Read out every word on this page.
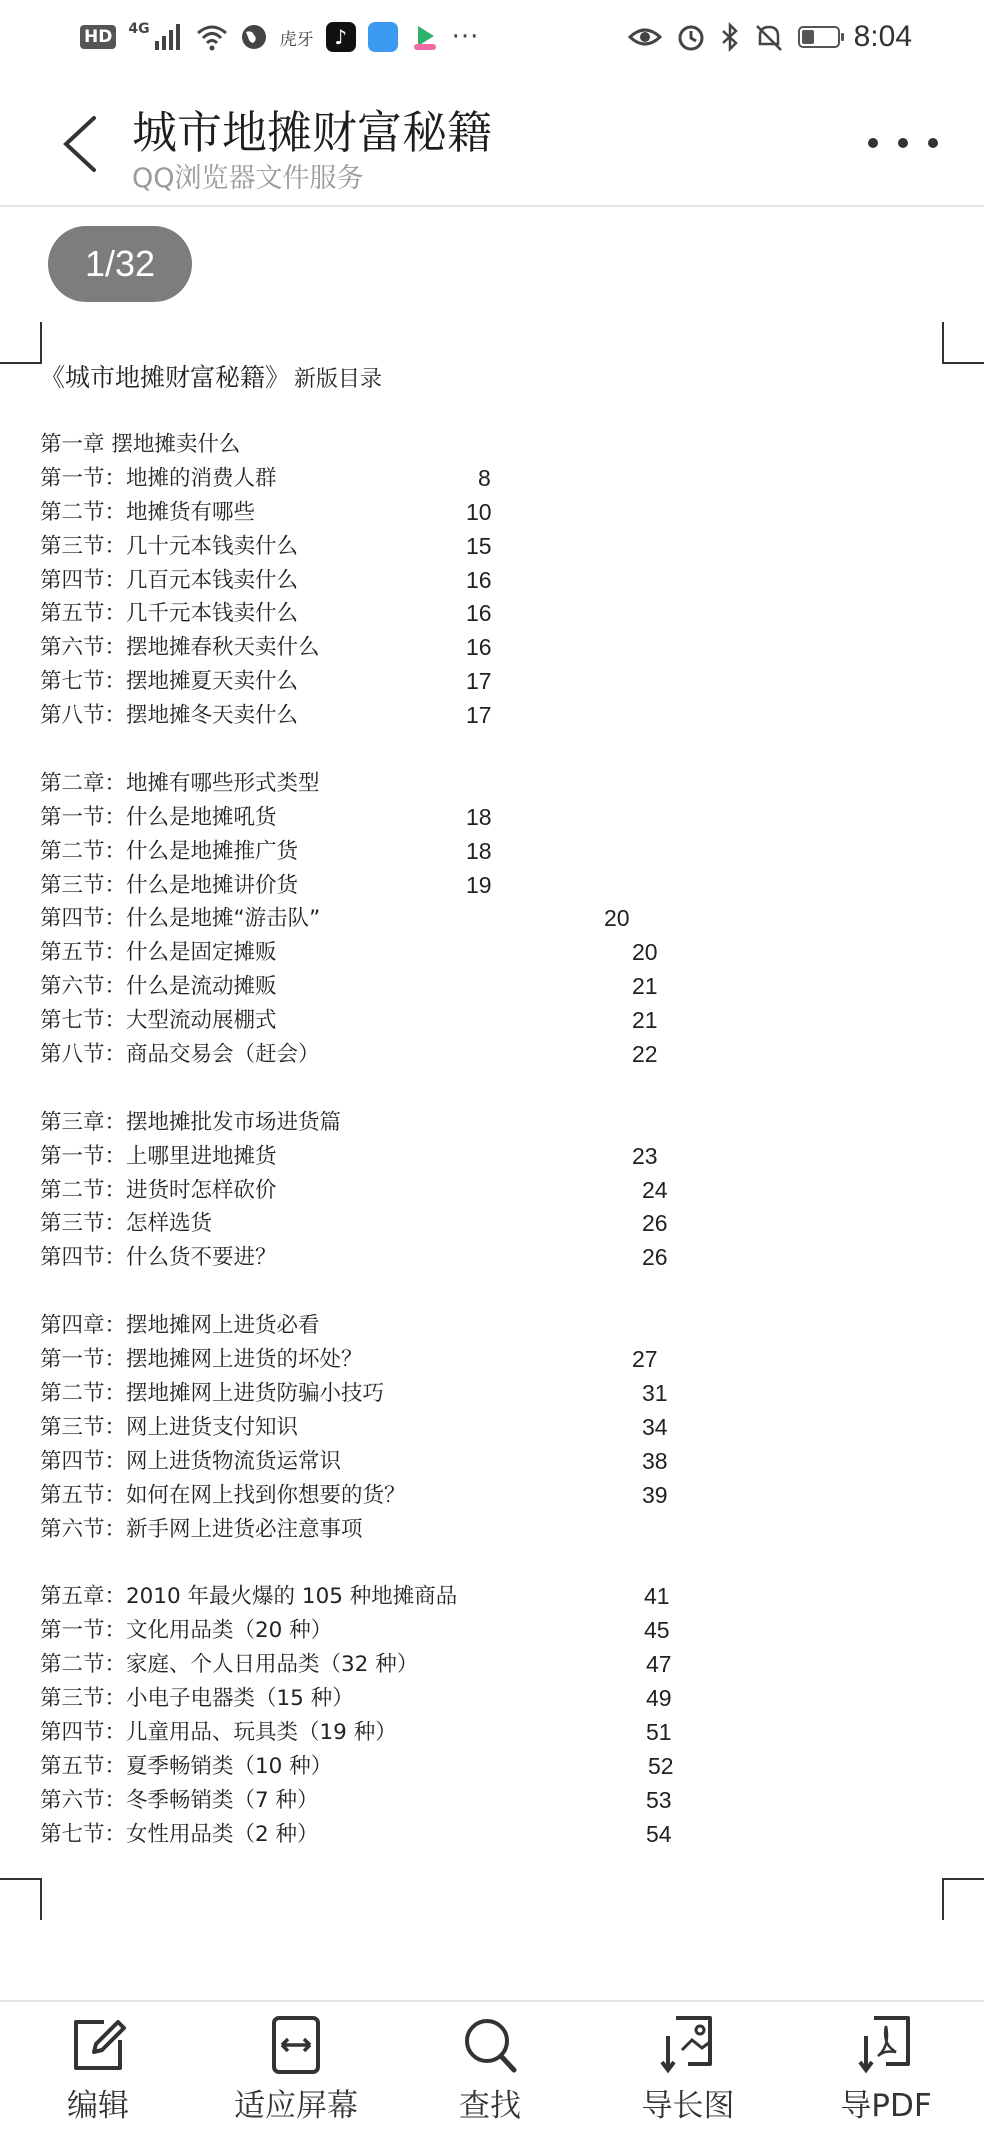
HD 4G
虎牙	♪	···	8:04
城市地摊财富秘籍
QQ浏览器文件服务
1/32
《城市地摊财富秘籍》 新版目录
第一章 摆地摊卖什么
第一节：地摊的消费人群	8
第二节：地摊货有哪些	10
第三节：几十元本钱卖什么	15
第四节：几百元本钱卖什么	16
第五节：几千元本钱卖什么	16
第六节：摆地摊春秋天卖什么	16
第七节：摆地摊夏天卖什么	17
第八节：摆地摊冬天卖什么	17
第二章：地摊有哪些形式类型
第一节：什么是地摊吼货	18
第二节：什么是地摊推广货	18
第三节：什么是地摊讲价货	19
第四节：什么是地摊“游击队”	20
第五节：什么是固定摊贩	20
第六节：什么是流动摊贩	21
第七节：大型流动展棚式	21
第八节：商品交易会（赶会）	22
第三章：摆地摊批发市场进货篇
第一节：上哪里进地摊货	23
第二节：进货时怎样砍价	24
第三节：怎样选货	26
第四节：什么货不要进？	26
第四章：摆地摊网上进货必看
第一节：摆地摊网上进货的坏处？	27
第二节：摆地摊网上进货防骗小技巧	31
第三节：网上进货支付知识	34
第四节：网上进货物流货运常识	38
第五节：如何在网上找到你想要的货？	39
第六节：新手网上进货必注意事项
第五章：2010 年最火爆的 105 种地摊商品	41
第一节：文化用品类（20 种）	45
第二节：家庭、个人日用品类（32 种）	47
第三节：小电子电器类（15 种）	49
第四节：儿童用品、玩具类（19 种）	51
第五节：夏季畅销类（10 种）	52
第六节：冬季畅销类（7 种）	53
第七节：女性用品类（2 种）	54
编辑	适应屏幕	查找	导长图	导PDF
